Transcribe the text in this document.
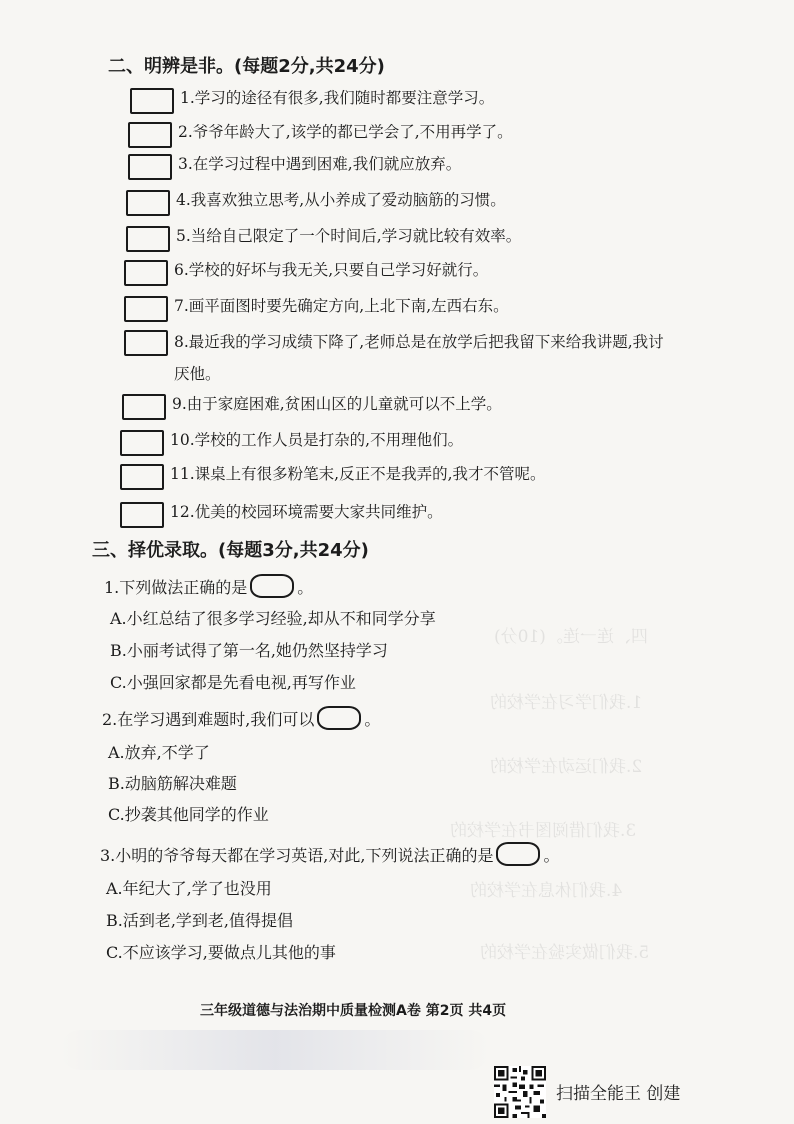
四、连一连。(10分)
1.我们学习在学校的
2.我们运动在学校的
3.我们借阅图书在学校的
4.我们休息在学校的
5.我们做实验在学校的
二、明辨是非。(每题2分,共24分)
1.学习的途径有很多,我们随时都要注意学习。
2.爷爷年龄大了,该学的都已学会了,不用再学了。
3.在学习过程中遇到困难,我们就应放弃。
4.我喜欢独立思考,从小养成了爱动脑筋的习惯。
5.当给自己限定了一个时间后,学习就比较有效率。
6.学校的好坏与我无关,只要自己学习好就行。
7.画平面图时要先确定方向,上北下南,左西右东。
8.最近我的学习成绩下降了,老师总是在放学后把我留下来给我讲题,我讨厌他。
9.由于家庭困难,贫困山区的儿童就可以不上学。
10.学校的工作人员是打杂的,不用理他们。
11.课桌上有很多粉笔末,反正不是我弄的,我才不管呢。
12.优美的校园环境需要大家共同维护。
三、择优录取。(每题3分,共24分)
1.下列做法正确的是	。
A.小红总结了很多学习经验,却从不和同学分享
B.小丽考试得了第一名,她仍然坚持学习
C.小强回家都是先看电视,再写作业
2.在学习遇到难题时,我们可以	。
A.放弃,不学了
B.动脑筋解决难题
C.抄袭其他同学的作业
3.小明的爷爷每天都在学习英语,对此,下列说法正确的是	。
A.年纪大了,学了也没用
B.活到老,学到老,值得提倡
C.不应该学习,要做点儿其他的事
三年级道德与法治期中质量检测A卷 第2页 共4页
扫描全能王 创建
